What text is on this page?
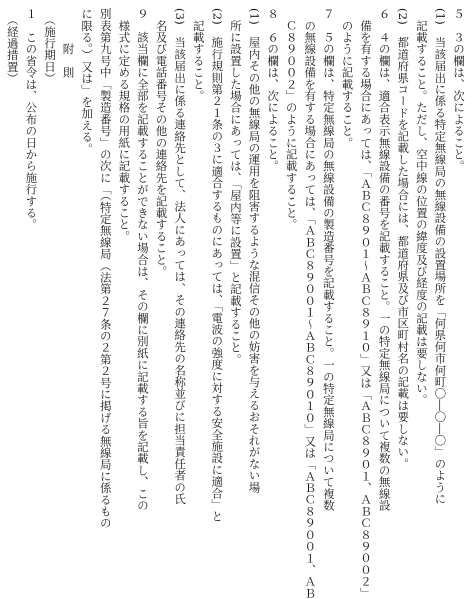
５　３の欄は、次によること。
(1)　当該届出に係る特定無線局の無線設備の設置場所を「何県何市何町〇―〇―〇」のように
　記載すること。ただし、空中線の位置の緯度及び経度の記載は要しない。
(2)　都道府県コードを記載した場合には、都道府県及び市区町村名の記載は要しない。
６　４の欄は、適合表示無線設備の番号を記載すること。一の特定無線局について複数の無線設
　備を有する場合にあっては、「ＡＢＣ８９０１～ＡＢＣ８９１０」又は「ＡＢＣ８９０１、ＡＢＣ８９００２」
　のように記載すること。
７　５の欄は、特定無線局の無線設備の製造番号を記載すること。一の特定無線局について複数
　の無線設備を有する場合にあっては、「ＡＢＣ８９００１～ＡＢＣ８９０１０」又は「ＡＢＣ８９００１、ＡＢ
　Ｃ８９００２」のように記載すること。
８　６の欄は、次によること。
(1)　屋内その他の無線局の運用を阻害するような混信その他の妨害を与えるおそれがない場
　所に設置した場合にあっては、「屋内等に設置」と記載すること。
(2)　施行規則第２１条の３に適合するものにあっては、「電波の強度に対する安全施設に適合」と
　記載すること。
(3)　当該届出に係る連絡先として、法人にあっては、その連絡先の名称並びに担当責任者の氏
　名及び電話番号その他の連絡先を記載すること。
９　該当欄に全部を記載することができない場合は、その欄に別紙に記載する旨を記載し、この
　様式に定める規格の用紙に記載すること。
別表第九号中「製造番号」の次に「（特定無線局（法第２７条の２第２号に掲げる無線局に係るもの
に限る。）又は」を加える。
　　　附　則
　（施行期日）
１　この省令は、公布の日から施行する。
　（経過措置）
